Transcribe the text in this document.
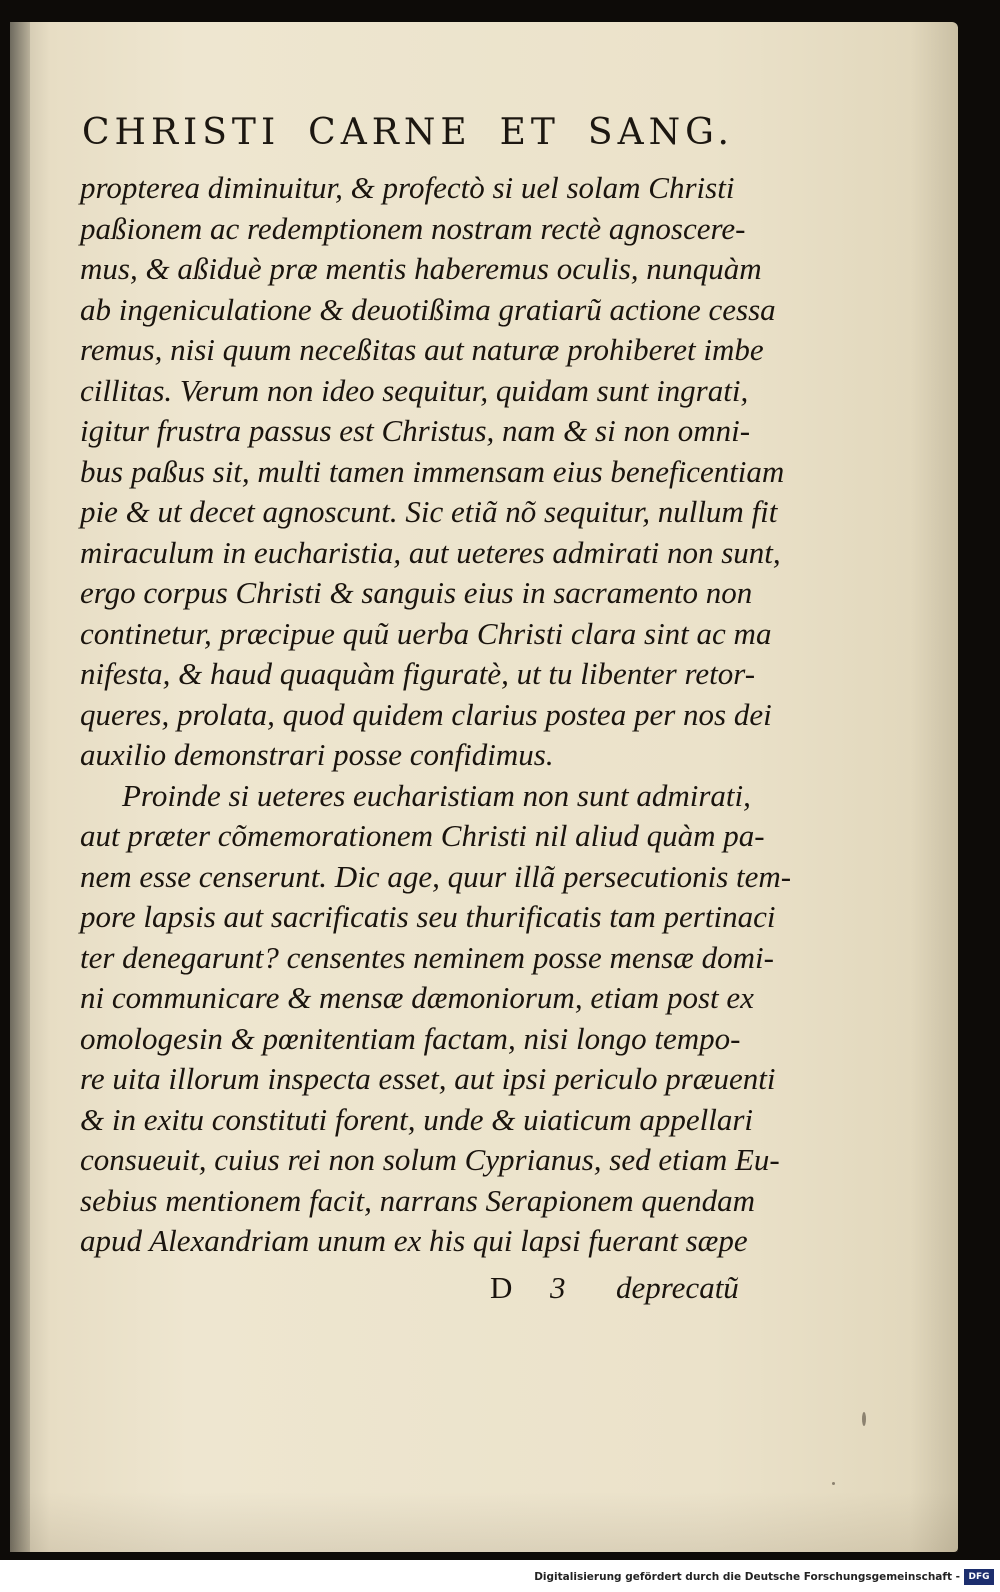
CHRISTI CARNE ET SANG.
propterea diminuitur, & profectò si uel solam Christi
paßionem ac redemptionem nostram rectè agnoscere-
mus, & aßiduè præ mentis haberemus oculis, nunquàm
ab ingeniculatione & deuotißima gratiarũ actione cessa
remus, nisi quum neceßitas aut naturæ prohiberet imbe
cillitas. Verum non ideo sequitur, quidam sunt ingrati,
igitur frustra passus est Christus, nam & si non omni-
bus paßus sit, multi tamen immensam eius beneficentiam
pie & ut decet agnoscunt. Sic etiã nõ sequitur, nullum fit
miraculum in eucharistia, aut ueteres admirati non sunt,
ergo corpus Christi & sanguis eius in sacramento non
continetur, præcipue quũ uerba Christi clara sint ac ma
nifesta, & haud quaquàm figuratè, ut tu libenter retor-
queres, prolata, quod quidem clarius postea per nos dei
auxilio demonstrari posse confidimus.
Proinde si ueteres eucharistiam non sunt admirati,
aut præter cõmemorationem Christi nil aliud quàm pa-
nem esse censerunt. Dic age, quur illã persecutionis tem-
pore lapsis aut sacrificatis seu thurificatis tam pertinaci
ter denegarunt? censentes neminem posse mensæ domi-
ni communicare & mensæ dæmoniorum, etiam post ex
omologesin & pœnitentiam factam, nisi longo tempo-
re uita illorum inspecta esset, aut ipsi periculo præuenti
& in exitu constituti forent, unde & uiaticum appellari
consueuit, cuius rei non solum Cyprianus, sed etiam Eu-
sebius mentionem facit, narrans Serapionem quendam
apud Alexandriam unum ex his qui lapsi fuerant sæpe
D 3 deprecatũ
Digitalisierung gefördert durch die Deutsche Forschungsgemeinschaft - DFG
